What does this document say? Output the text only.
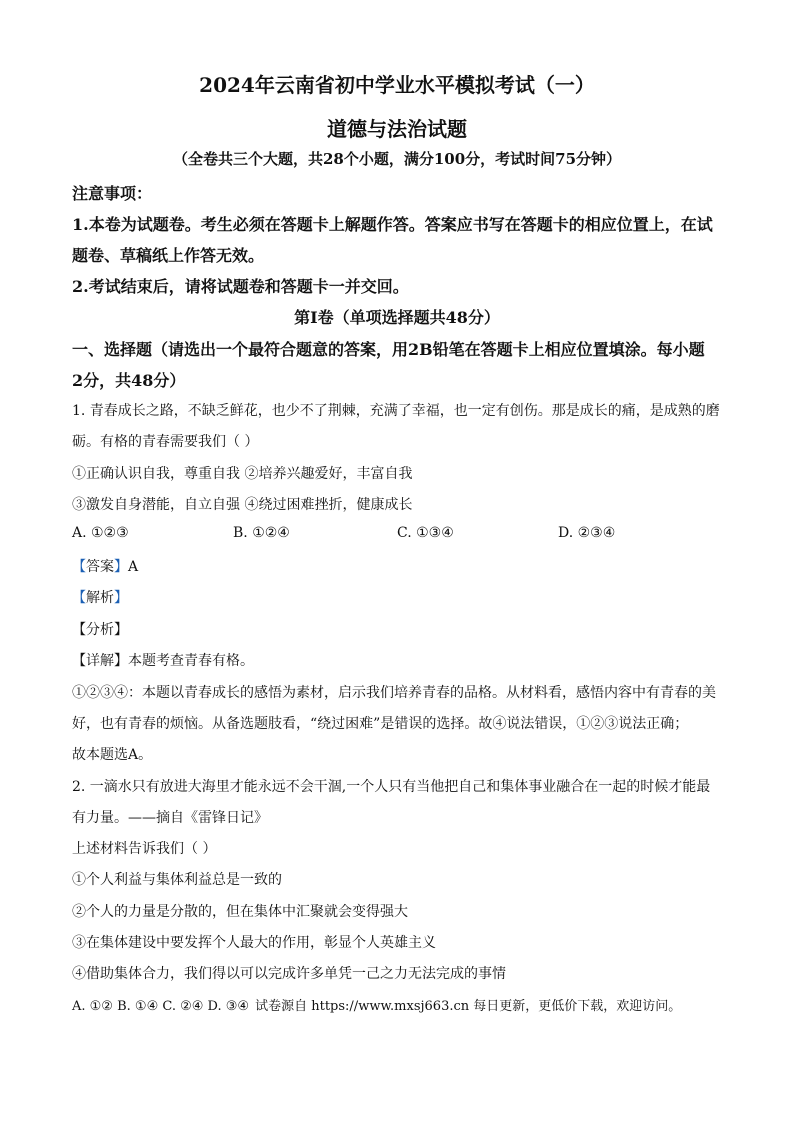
2024年云南省初中学业水平模拟考试（一）
道德与法治试题
（全卷共三个大题，共28个小题，满分100分，考试时间75分钟）
注意事项：
1.本卷为试题卷。考生必须在答题卡上解题作答。答案应书写在答题卡的相应位置上，在试
题卷、草稿纸上作答无效。
2.考试结束后，请将试题卷和答题卡一并交回。
第Ⅰ卷（单项选择题共48分）
一、选择题（请选出一个最符合题意的答案，用2B铅笔在答题卡上相应位置填涂。每小题
2分，共48分）
1. 青春成长之路，不缺乏鲜花，也少不了荆棘，充满了幸福，也一定有创伤。那是成长的痛，是成熟的磨
砺。有格的青春需要我们（ ）
①正确认识自我，尊重自我 ②培养兴趣爱好，丰富自我
③激发自身潜能，自立自强 ④绕过困难挫折，健康成长
A. ①②③	B. ①②④	C. ①③④	D. ②③④
【答案】A
【解析】
【分析】
【详解】本题考查青春有格。
①②③④：本题以青春成长的感悟为素材，启示我们培养青春的品格。从材料看，感悟内容中有青春的美
好，也有青春的烦恼。从备选题肢看，“绕过困难”是错误的选择。故④说法错误，①②③说法正确；
故本题选A。
2. 一滴水只有放进大海里才能永远不会干涸,一个人只有当他把自己和集体事业融合在一起的时候才能最
有力量。——摘自《雷锋日记》
上述材料告诉我们（ ）
①个人利益与集体利益总是一致的
②个人的力量是分散的，但在集体中汇聚就会变得强大
③在集体建设中要发挥个人最大的作用，彰显个人英雄主义
④借助集体合力，我们得以可以完成许多单凭一己之力无法完成的事情
A. ①② B. ①④ C. ②④ D. ③④ 试卷源自 https://www.mxsj663.cn 每日更新，更低价下载，欢迎访问。
